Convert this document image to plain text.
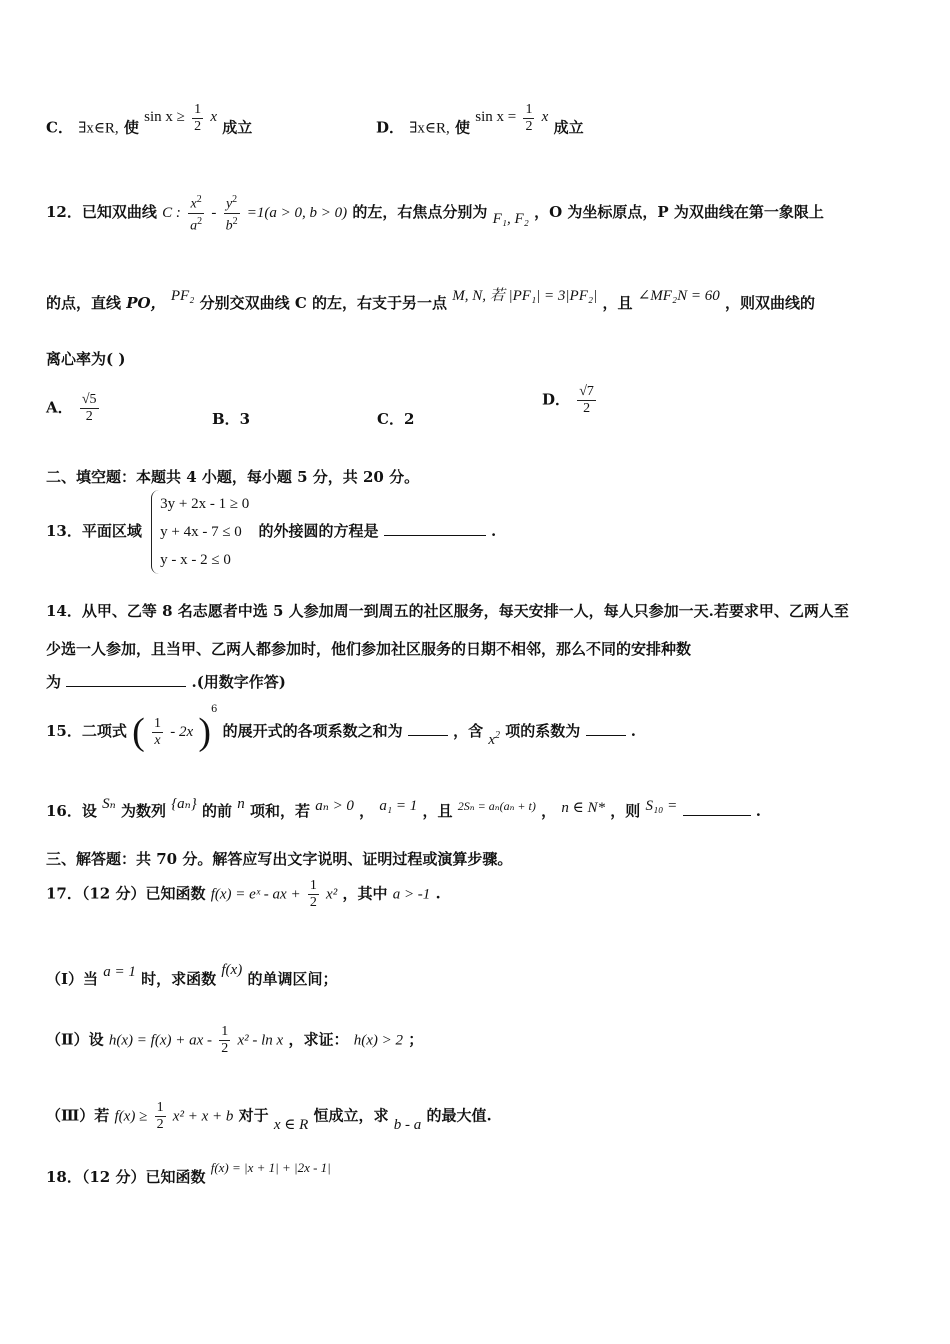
C． ∃x∈R, 使 $\sin x \ge \frac{1}{2}$ x 成立	D． ∃x∈R, 使 $\sin x = \frac{1}{2}$ x 成立
12．已知双曲线 C : $\frac{x^2}{a^2} - \frac{y^2}{b^2} =1(a > 0$, b > 0) 的左，右焦点分别为 F₁, F₂ ，O 为坐标原点，P 为双曲线在第一象限上
的点，直线 PO， PF₂ 分别交双曲线 C 的左，右支于另一点 M, N, 若 |PF₁| = 3|PF₂| ，且 ∠MF₂N = 60 ，则双曲线的
离心率为( )
A． $\frac{√5}{2}$	B．3	C．2
D． $\frac{√7}{2}$
二、填空题：本题共 4 小题，每小题 5 分，共 20 分。
13．平面区域
3y + 2x - 1 ≥ 0
y + 4x - 7 ≤ 0
y - x - 2 ≤ 0
的外接圆的方程是	.
14．从甲、乙等 8 名志愿者中选 5 人参加周一到周五的社区服务，每天安排一人，每人只参加一天.若要求甲、乙两人至
少选一人参加，且当甲、乙两人都参加时，他们参加社区服务的日期不相邻，那么不同的安排种数
为	.(用数字作答)
15．二项式 ( $\frac{1}{x} - 2x$ )$^6$ 的展开式的各项系数之和为	，含 $x^2$ 项的系数为	.
16．设 Sₙ 为数列 {aₙ} 的前 n 项和，若 aₙ > 0 ， a₁ = 1 ，且 $^{2S_n = a_n(a_n + t)}$ ， n ∈ N* ，则 S₁₀ =	.
三、解答题：共 70 分。解答应写出文字说明、证明过程或演算步骤。
17．（12 分）已知函数 f(x) = eˣ - ax + $\frac{1}{2} x^2$ ，其中 a > -1 .
（Ⅰ）当 a = 1 时，求函数 f(x) 的单调区间；
（Ⅱ）设 h(x) = f(x) + ax - $\frac{1}{2} x^2$ - ln x ，求证： h(x) > 2 ；
（Ⅲ）若 $f(x) \ge \frac{1}{2} x^2 + x + b$ 对于 x ∈ R 恒成立，求 b - a 的最大值.
18．（12 分）已知函数 f(x) = |x + 1| + |2x - 1|
